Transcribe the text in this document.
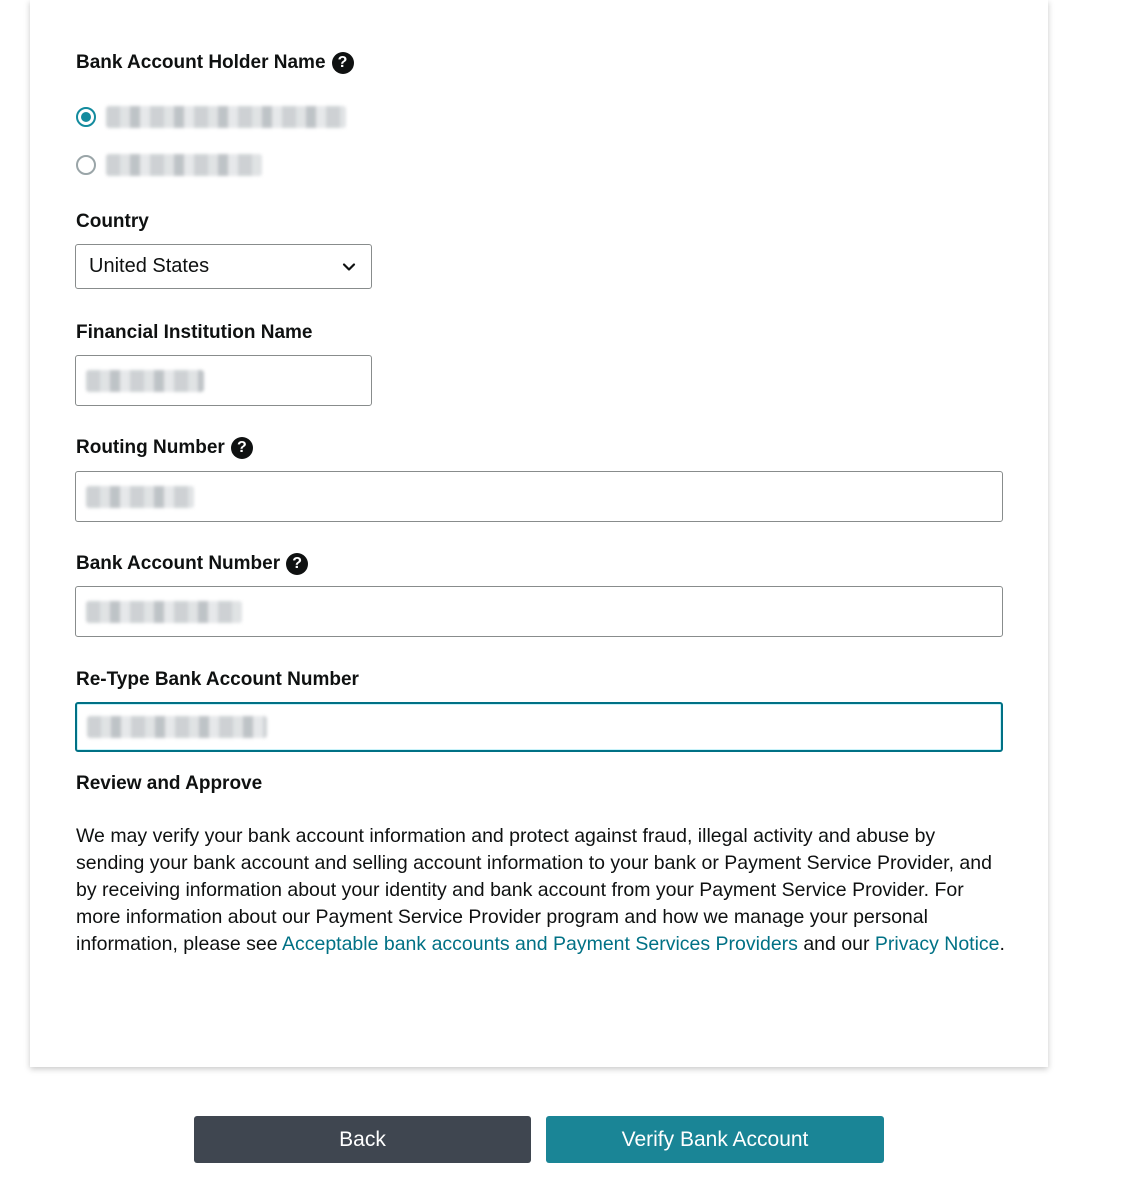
Bank Account Holder Name ?
Country
United States
Financial Institution Name
Routing Number ?
Bank Account Number ?
Re-Type Bank Account Number
Review and Approve
We may verify your bank account information and protect against fraud, illegal activity and abuse by sending your bank account and selling account information to your bank or Payment Service Provider, and by receiving information about your identity and bank account from your Payment Service Provider. For more information about our Payment Service Provider program and how we manage your personal information, please see Acceptable bank accounts and Payment Services Providers and our Privacy Notice.
Back	Verify Bank Account
